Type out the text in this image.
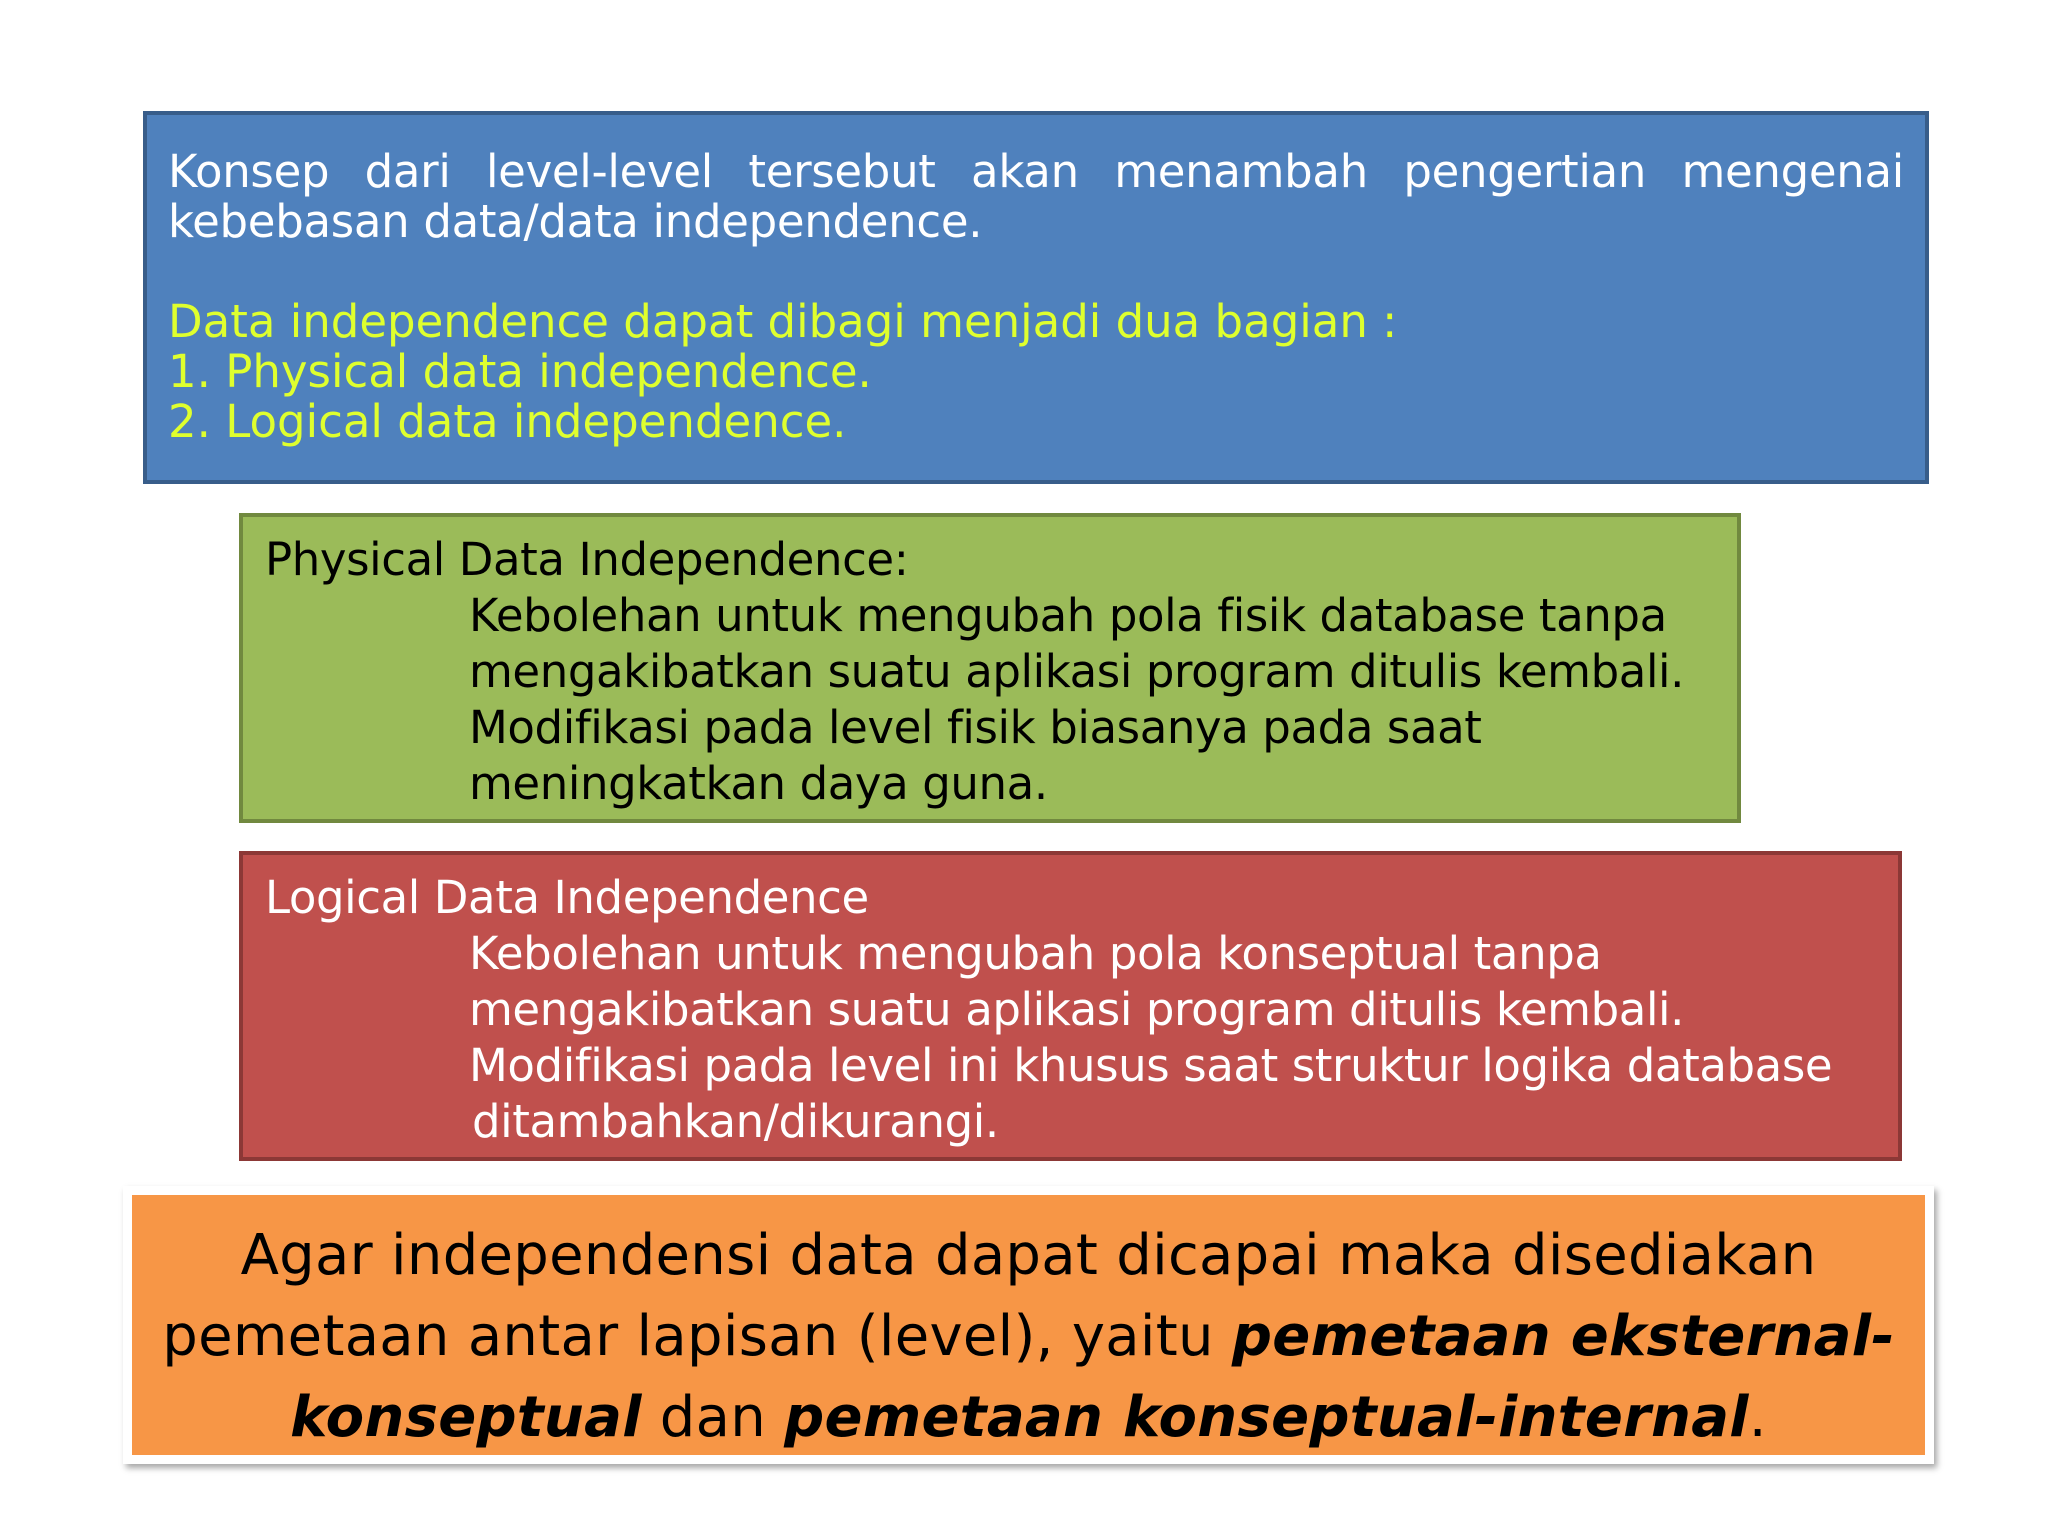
Konsep dari level-level tersebut akan menambah pengertian mengenai kebebasan data/data independence.
Data independence dapat dibagi menjadi dua bagian :
1. Physical data independence.
2. Logical data independence.
Physical Data Independence:
Kebolehan untuk mengubah pola fisik database tanpa
mengakibatkan suatu aplikasi program ditulis kembali.
Modifikasi pada level fisik biasanya pada saat
meningkatkan daya guna.
Logical Data Independence
Kebolehan untuk mengubah pola konseptual tanpa
mengakibatkan suatu aplikasi program ditulis kembali.
Modifikasi pada level ini khusus saat struktur logika database
ditambahkan/dikurangi.
Agar independensi data dapat dicapai maka disediakan
pemetaan antar lapisan (level), yaitu pemetaan eksternal-
konseptual dan pemetaan konseptual-internal.
